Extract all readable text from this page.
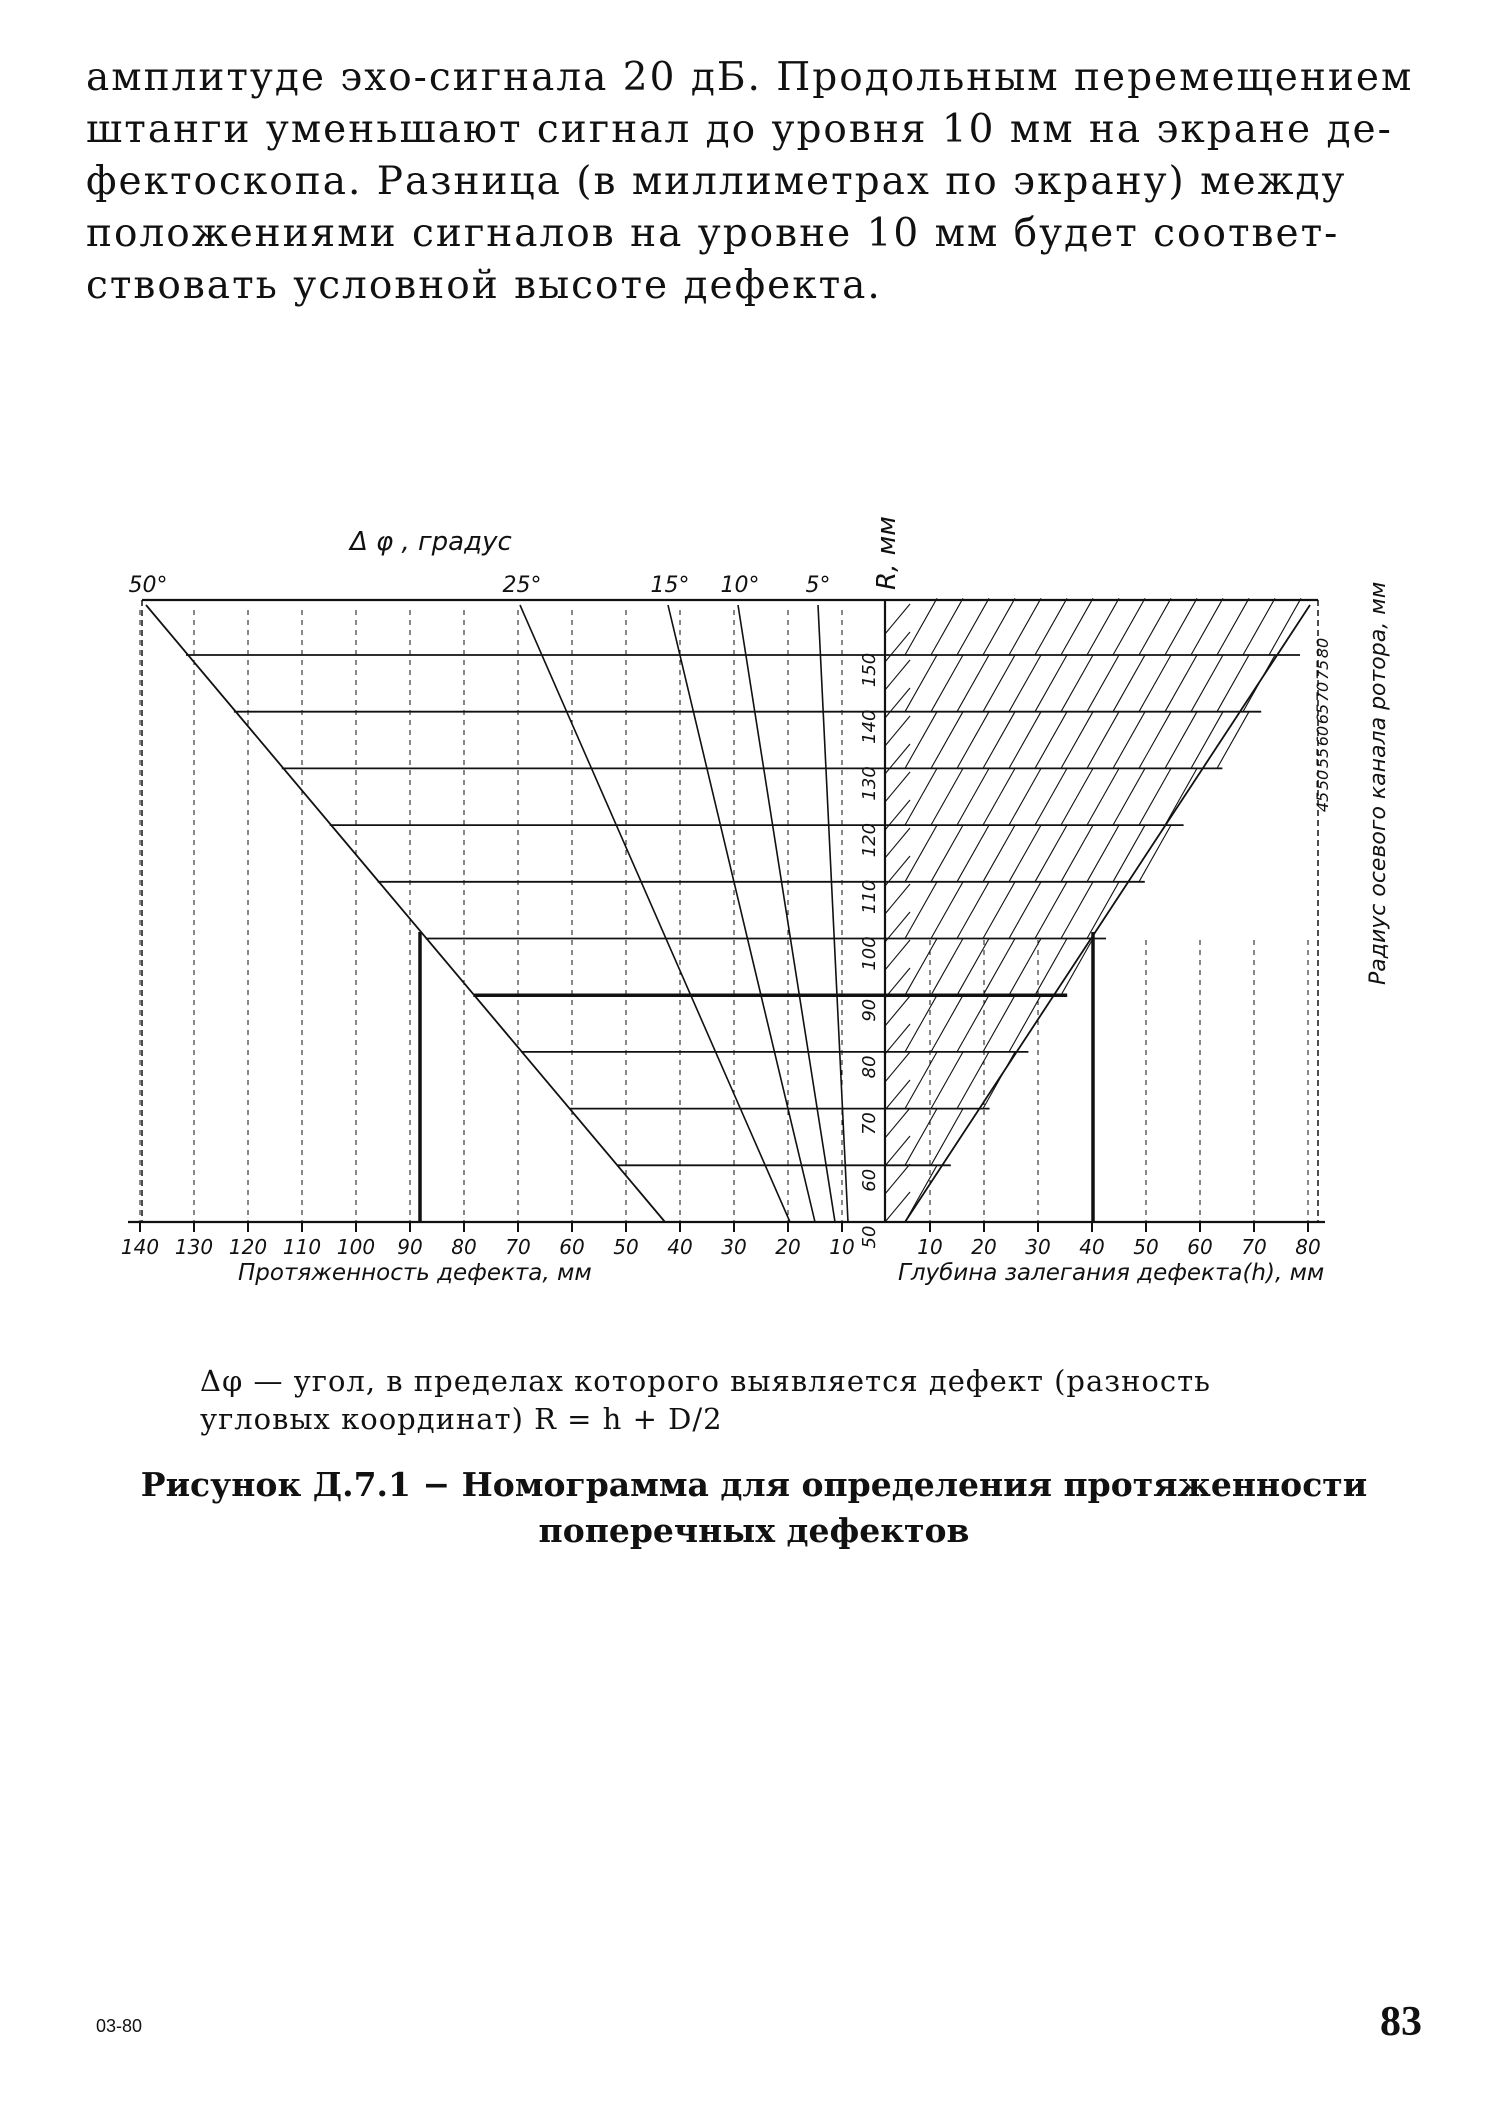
амплитуде эхо-сигнала 20 дБ. Продольным перемещением
штанги уменьшают сигнал до уровня 10 мм на экране де-
фектоскопа. Разница (в миллиметрах по экрану) между
положениями сигналов на уровне 10 мм будет соответ-
ствовать условной высоте дефекта.
140 130 120 110 100 90 80 70 60 50 40 30 20 10	10 20 30 40 50 60 70 80
50°	25°	15° 10° 5°
150
140
130
120
110
100
90
80
70
60
50
45
50
55
60
65
70
75
80
Δ φ , градус	R, мм
Радиус осевого канала ротора, мм
Протяженность дефекта, мм	Глубина залегания дефекта(h), мм
Δφ — угол, в пределах которого выявляется дефект (разность
угловых координат) R = h + D/2
Рисунок Д.7.1 − Номограмма для определения протяженности
поперечных дефектов
03-80	83
